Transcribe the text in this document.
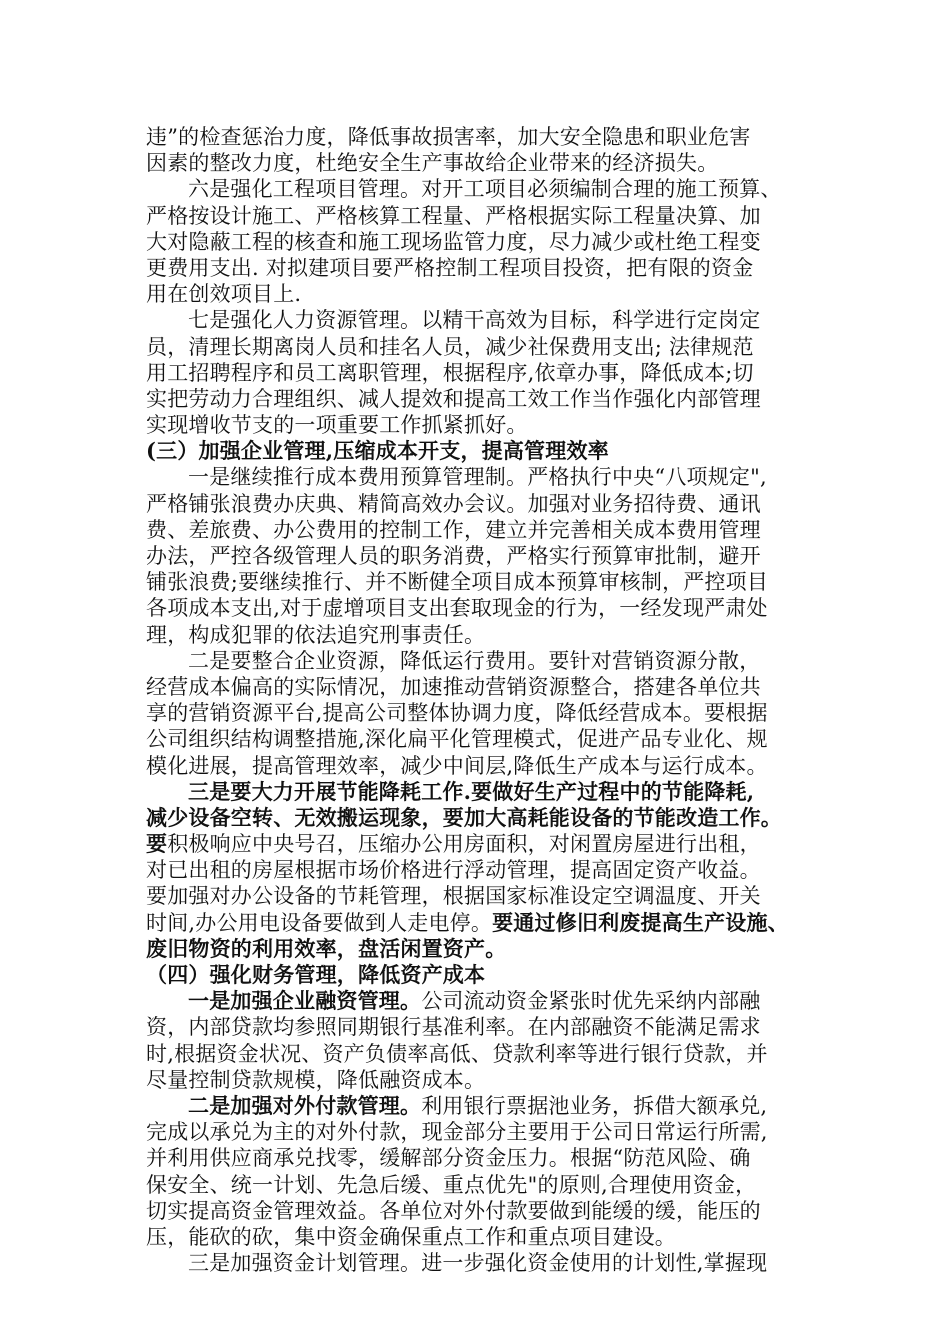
违”的检查惩治力度，降低事故损害率，加大安全隐患和职业危害
因素的整改力度，杜绝安全生产事故给企业带来的经济损失。
六是强化工程项目管理。对开工项目必须编制合理的施工预算、
严格按设计施工、严格核算工程量、严格根据实际工程量决算、加
大对隐蔽工程的核查和施工现场监管力度，尽力减少或杜绝工程变
更费用支出. 对拟建项目要严格控制工程项目投资，把有限的资金
用在创效项目上.
七是强化人力资源管理。以精干高效为目标，科学进行定岗定
员，清理长期离岗人员和挂名人员，减少社保费用支出; 法律规范
用工招聘程序和员工离职管理，根据程序,依章办事，降低成本;切
实把劳动力合理组织、减人提效和提高工效工作当作强化内部管理
实现增收节支的一项重要工作抓紧抓好。
(三）加强企业管理,压缩成本开支，提高管理效率
一是继续推行成本费用预算管理制。严格执行中央“八项规定",
严格铺张浪费办庆典、精简高效办会议。加强对业务招待费、通讯
费、差旅费、办公费用的控制工作，建立并完善相关成本费用管理
办法，严控各级管理人员的职务消费，严格实行预算审批制，避开
铺张浪费;要继续推行、并不断健全项目成本预算审核制，严控项目
各项成本支出,对于虚增项目支出套取现金的行为，一经发现严肃处
理，构成犯罪的依法追究刑事责任。
二是要整合企业资源，降低运行费用。要针对营销资源分散，
经营成本偏高的实际情况，加速推动营销资源整合，搭建各单位共
享的营销资源平台,提高公司整体协调力度，降低经营成本。要根据
公司组织结构调整措施,深化扁平化管理模式，促进产品专业化、规
模化进展，提高管理效率，减少中间层,降低生产成本与运行成本。
三是要大力开展节能降耗工作.要做好生产过程中的节能降耗,
减少设备空转、无效搬运现象，要加大高耗能设备的节能改造工作。
要积极响应中央号召，压缩办公用房面积，对闲置房屋进行出租，
对已出租的房屋根据市场价格进行浮动管理，提高固定资产收益。
要加强对办公设备的节耗管理，根据国家标准设定空调温度、开关
时间,办公用电设备要做到人走电停。要通过修旧利废提高生产设施、
废旧物资的利用效率，盘活闲置资产。
（四）强化财务管理，降低资产成本
一是加强企业融资管理。公司流动资金紧张时优先采纳内部融
资，内部贷款均参照同期银行基准利率。在内部融资不能满足需求
时,根据资金状况、资产负债率高低、贷款利率等进行银行贷款，并
尽量控制贷款规模，降低融资成本。
二是加强对外付款管理。利用银行票据池业务，拆借大额承兑,
完成以承兑为主的对外付款，现金部分主要用于公司日常运行所需,
并利用供应商承兑找零，缓解部分资金压力。根据“防范风险、确
保安全、统一计划、先急后缓、重点优先"的原则,合理使用资金，
切实提高资金管理效益。各单位对外付款要做到能缓的缓，能压的
压，能砍的砍，集中资金确保重点工作和重点项目建设。
三是加强资金计划管理。进一步强化资金使用的计划性,掌握现
